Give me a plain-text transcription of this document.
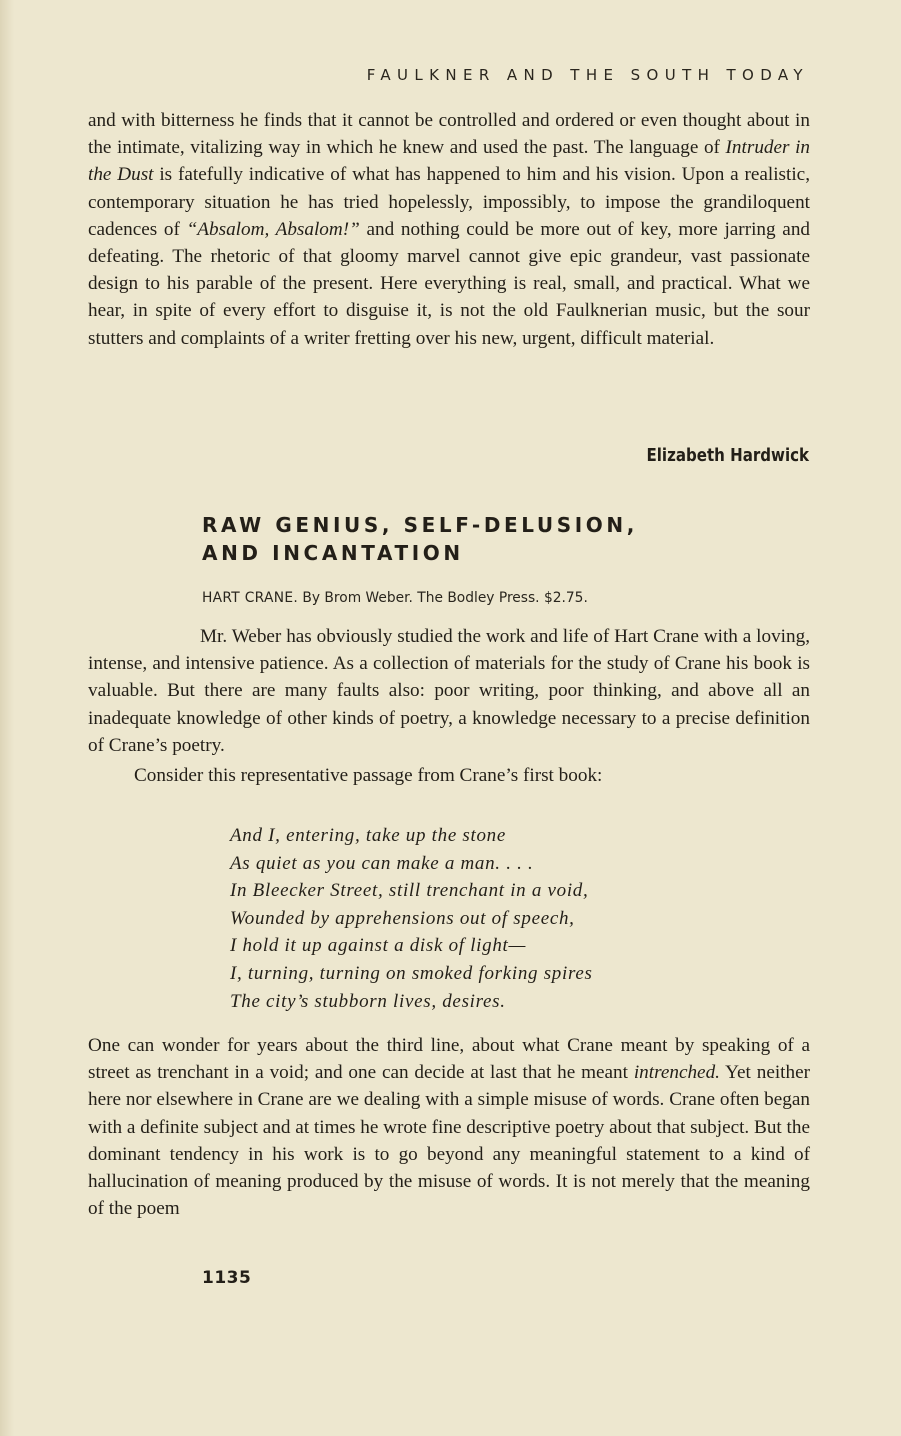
FAULKNER AND THE SOUTH TODAY

and with bitterness he finds that it cannot be controlled and ordered or even thought about in the intimate, vitalizing way in which he knew and used the past. The language of Intruder in the Dust is fatefully indicative of what has happened to him and his vision. Upon a realistic, contemporary situation he has tried hopelessly, impossibly, to impose the grandiloquent cadences of “Absalom, Absalom!” and nothing could be more out of key, more jarring and defeating. The rhetoric of that gloomy marvel cannot give epic grandeur, vast passionate design to his parable of the present. Here everything is real, small, and practical. What we hear, in spite of every effort to disguise it, is not the old Faulknerian music, but the sour stutters and complaints of a writer fretting over his new, urgent, difficult material.

Elizabeth Hardwick
RAW GENIUS, SELF-DELUSION,
AND INCANTATION
HART CRANE. By Brom Weber. The Bodley Press. $2.75.

Mr. Weber has obviously studied the work and life of Hart Crane with a loving, intense, and intensive patience. As a collection of materials for the study of Crane his book is valuable. But there are many faults also: poor writing, poor thinking, and above all an inadequate knowledge of other kinds of poetry, a knowledge necessary to a precise definition of Crane’s poetry.

Consider this representative passage from Crane’s first book:

And I, entering, take up the stone
As quiet as you can make a man. . . .
In Bleecker Street, still trenchant in a void,
Wounded by apprehensions out of speech,
I hold it up against a disk of light—
I, turning, turning on smoked forking spires
The city’s stubborn lives, desires.

One can wonder for years about the third line, about what Crane meant by speaking of a street as trenchant in a void; and one can decide at last that he meant intrenched. Yet neither here nor elsewhere in Crane are we dealing with a simple misuse of words. Crane often began with a definite subject and at times he wrote fine descriptive poetry about that subject. But the dominant tendency in his work is to go beyond any meaningful statement to a kind of hallucination of meaning produced by the misuse of words. It is not merely that the meaning of the poem

1135
